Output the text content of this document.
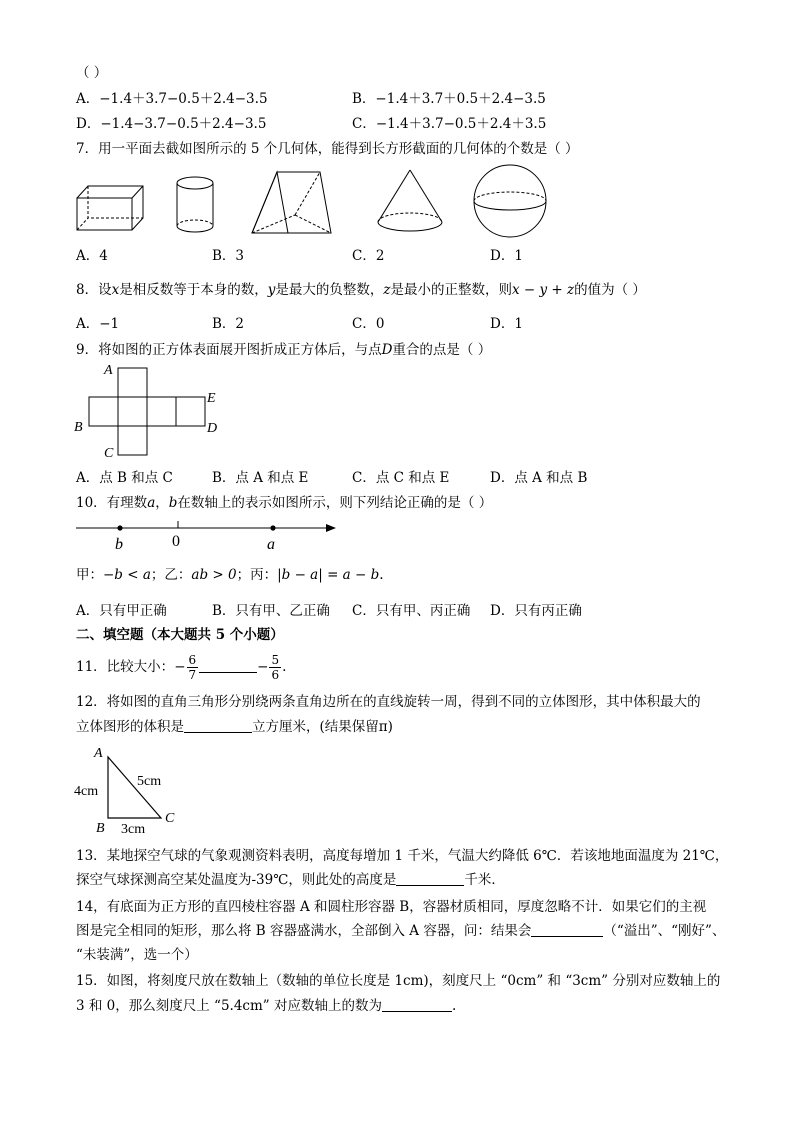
（ ）
A．−1.4＋3.7−0.5＋2.4−3.5	B．−1.4＋3.7＋0.5＋2.4−3.5
D．−1.4−3.7−0.5＋2.4−3.5	C．−1.4＋3.7−0.5＋2.4＋3.5
7．用一平面去截如图所示的 5 个几何体，能得到长方形截面的几何体的个数是（ ）
A．4	B．3	C．2	D．1
8．设x是相反数等于本身的数，y是最大的负整数，z是最小的正整数，则x − y + z的值为（ ）
A．−1	B．2	C．0	D．1
9．将如图的正方体表面展开图折成正方体后，与点D重合的点是（ ）
A
B
C
D
E
A．点 B 和点 C	B．点 A 和点 E	C．点 C 和点 E	D．点 A 和点 B
10．有理数a，b在数轴上的表示如图所示，则下列结论正确的是（ ）
b	0	a
甲：−b < a；乙：ab > 0；丙：|b − a| = a − b.
A．只有甲正确	B．只有甲、乙正确 C．只有甲、丙正确 D．只有丙正确
二、填空题（本大题共 5 个小题）
11．比较大小：− $\frac{6}{7}$	− $\frac{5}{6}$ .
12．将如图的直角三角形分别绕两条直角边所在的直线旋转一周，得到不同的立体图形，其中体积最大的
立体图形的体积是	立方厘米，(结果保留π)
A
B
C
4cm
3cm
5cm
13．某地探空气球的气象观测资料表明，高度每增加 1 千米，气温大约降低 6℃．若该地地面温度为 21℃，
探空气球探测高空某处温度为-39℃，则此处的高度是	千米．
14，有底面为正方形的直四棱柱容器 A 和圆柱形容器 B，容器材质相同，厚度忽略不计．如果它们的主视
图是完全相同的矩形，那么将 B 容器盛满水，全部倒入 A 容器，问：结果会	（“溢出”、“刚好”、
“未装满”，选一个）
15．如图，将刻度尺放在数轴上（数轴的单位长度是 1cm)，刻度尺上 “0cm” 和 “3cm” 分别对应数轴上的
3 和 0，那么刻度尺上 “5.4cm” 对应数轴上的数为	.
